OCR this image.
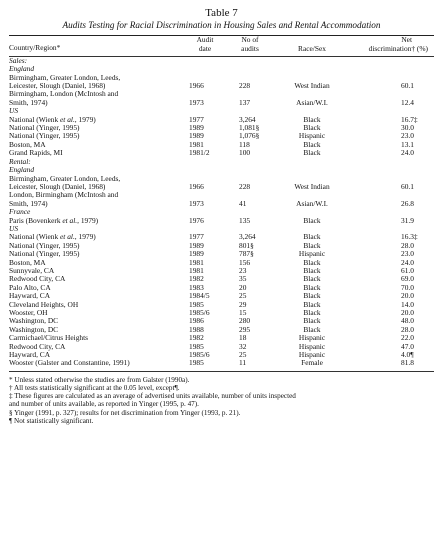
Table 7
Audits Testing for Racial Discrimination in Housing Sales and Rental Accommodation
	Audit	No of		Net
Country/Region*	date	audits	Race/Sex	discrimination† (%)

Sales:				
England				
Birmingham, Greater London, Leeds,				
Leicester, Slough (Daniel, 1968)	1966	228	West Indian	60.1
Birmingham, London (McIntosh and				
Smith, 1974)	1973	137	Asian/W.I.	12.4
US				
National (Wienk et al., 1979)	1977	3,264	Black	16.7‡
National (Yinger, 1995)	1989	1,081§	Black	30.0
National (Yinger, 1995)	1989	1,076§	Hispanic	23.0
Boston, MA	1981	118	Black	13.1
Grand Rapids, MI	1981/2	100	Black	24.0
Rental:				
England				
Birmingham, Greater London, Leeds,				
Leicester, Slough (Daniel, 1968)	1966	228	West Indian	60.1
London, Birmingham (McIntosh and				
Smith, 1974)	1973	41	Asian/W.I.	26.8
France				
Paris (Bovenkerk et al., 1979)	1976	135	Black	31.9
US				
National (Wienk et al., 1979)	1977	3,264	Black	16.3‡
National (Yinger, 1995)	1989	801§	Black	28.0
National (Yinger, 1995)	1989	787§	Hispanic	23.0
Boston, MA	1981	156	Black	24.0
Sunnyvale, CA	1981	23	Black	61.0
Redwood City, CA	1982	35	Black	69.0
Palo Alto, CA	1983	20	Black	70.0
Hayward, CA	1984/5	25	Black	20.0
Cleveland Heights, OH	1985	29	Black	14.0
Wooster, OH	1985/6	15	Black	20.0
Washington, DC	1986	280	Black	48.0
Washington, DC	1988	295	Black	28.0
Carmichael/Citrus Heights	1982	18	Hispanic	22.0
Redwood City, CA	1985	32	Hispanic	47.0
Hayward, CA	1985/6	25	Hispanic	4.0¶
Wooster (Galster and Constantine, 1991)	1985	11	Female	81.8
* Unless stated otherwise the studies are from Galster (1990a).
† All tests statistically significant at the 0.05 level, except¶.
‡ These figures are calculated as an average of advertised units available, number of units inspected
and number of units available, as reported in Yinger (1995, p. 47).
§ Yinger (1991, p. 327); results for net discrimination from Yinger (1993, p. 21).
¶ Not statistically significant.
